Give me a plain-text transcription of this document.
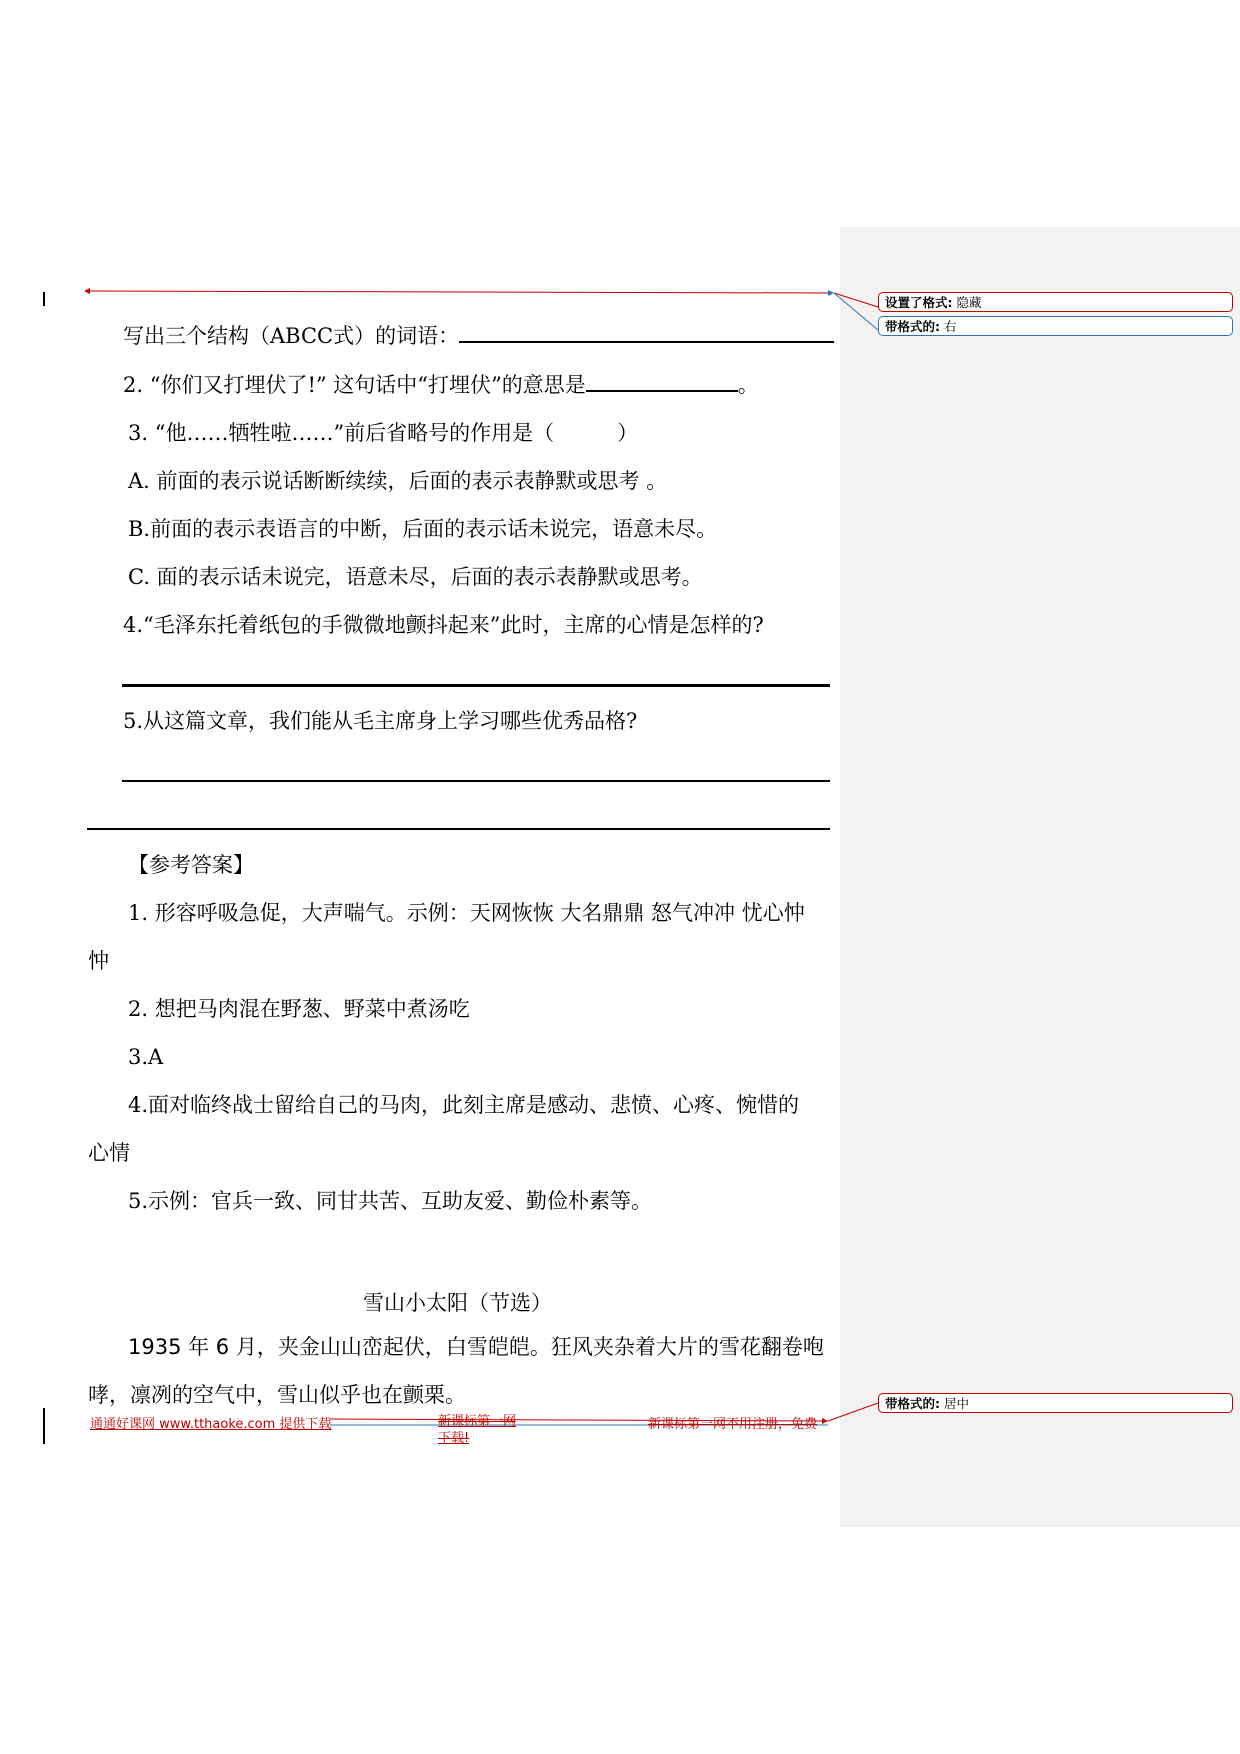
设置了格式: 隐藏
带格式的: 右
带格式的: 居中
写出三个结构（ABCC式）的词语：
2. “你们又打埋伏了!” 这句话中“打埋伏”的意思是	。
3. “他……牺牲啦……”前后省略号的作用是（　　　）
A. 前面的表示说话断断续续，后面的表示表静默或思考 。
B.前面的表示表语言的中断，后面的表示话未说完，语意未尽。
C. 面的表示话未说完，语意未尽，后面的表示表静默或思考。
4.“毛泽东托着纸包的手微微地颤抖起来”此时，主席的心情是怎样的?
5.从这篇文章，我们能从毛主席身上学习哪些优秀品格?
【参考答案】
1. 形容呼吸急促，大声喘气。示例：天网恢恢 大名鼎鼎 怒气冲冲 忧心忡
忡
2. 想把马肉混在野葱、野菜中煮汤吃
3.A
4.面对临终战士留给自己的马肉，此刻主席是感动、悲愤、心疼、惋惜的
心情
5.示例：官兵一致、同甘共苦、互助友爱、勤俭朴素等。
雪山小太阳（节选）
1935 年 6 月，夹金山山峦起伏，白雪皑皑。狂风夹杂着大片的雪花翻卷咆
哮，凛冽的空气中，雪山似乎也在颤栗。
通通好课网 www.tthaoke.com 提供下载	新课标第一网
下载!
新课标第一网不用注册，免费
